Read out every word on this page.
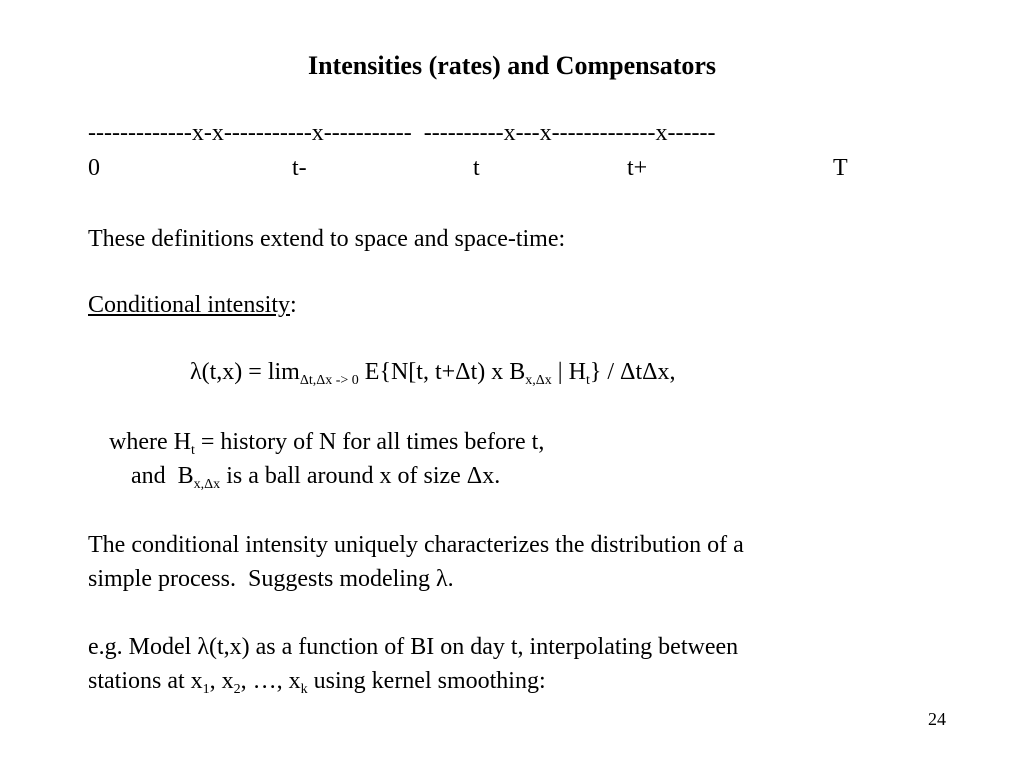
Intensities (rates) and Compensators
-------------x-x-----------x-----------  ----------x---x-------------x------
0	t-	t	t+	T
These definitions extend to space and space-time:
Conditional intensity:
$\lambda(t,x) = \lim_{\Delta t,\Delta x -> 0} E\{N[t$, t+Δt) x $B_{x,\Delta x}$ | $H_t$} / ΔtΔx,
where $H_t$ = history of N for all times before t,
and  $B_{x,\Delta x}$ is a ball around x of size Δx.
The conditional intensity uniquely characterizes the distribution of a
simple process.  Suggests modeling λ.
e.g. Model λ(t,x) as a function of BI on day t, interpolating between
stations at $x_1$, $x_2$, …, $x_k$ using kernel smoothing:
24
